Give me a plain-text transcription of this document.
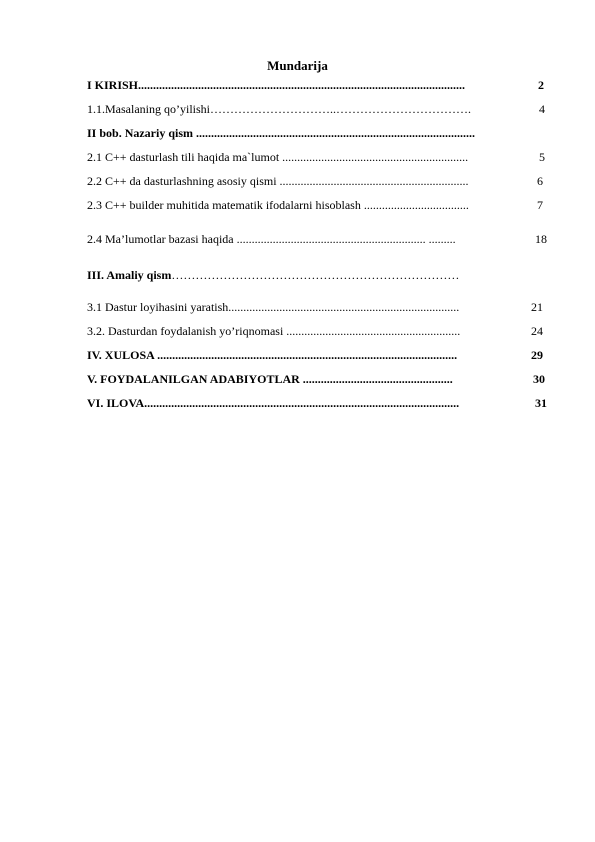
Mundarija
I KIRISH.............................................................................................................	2
1.1.Masalaning qo’yilishi…………………………..…………………………….	4
II bob. Nazariy qism .............................................................................................
2.1 C++ dasturlash tili haqida ma`lumot ..............................................................	5
2.2 C++ da dasturlashning asosiy qismi ...............................................................	6
2.3 C++ builder muhitida matematik ifodalarni hisoblash ...................................	7
2.4 Ma’lumotlar bazasi haqida ............................................................... .........	18
III. Amaliy qism………………………………………………………………
3.1 Dastur loyihasini yaratish.............................................................................	21
3.2. Dasturdan foydalanish yo’riqnomasi ..........................................................	24
IV. XULOSA ....................................................................................................	29
V. FOYDALANILGAN ADABIYOTLAR ..................................................	30
VI. ILOVA.........................................................................................................	31
